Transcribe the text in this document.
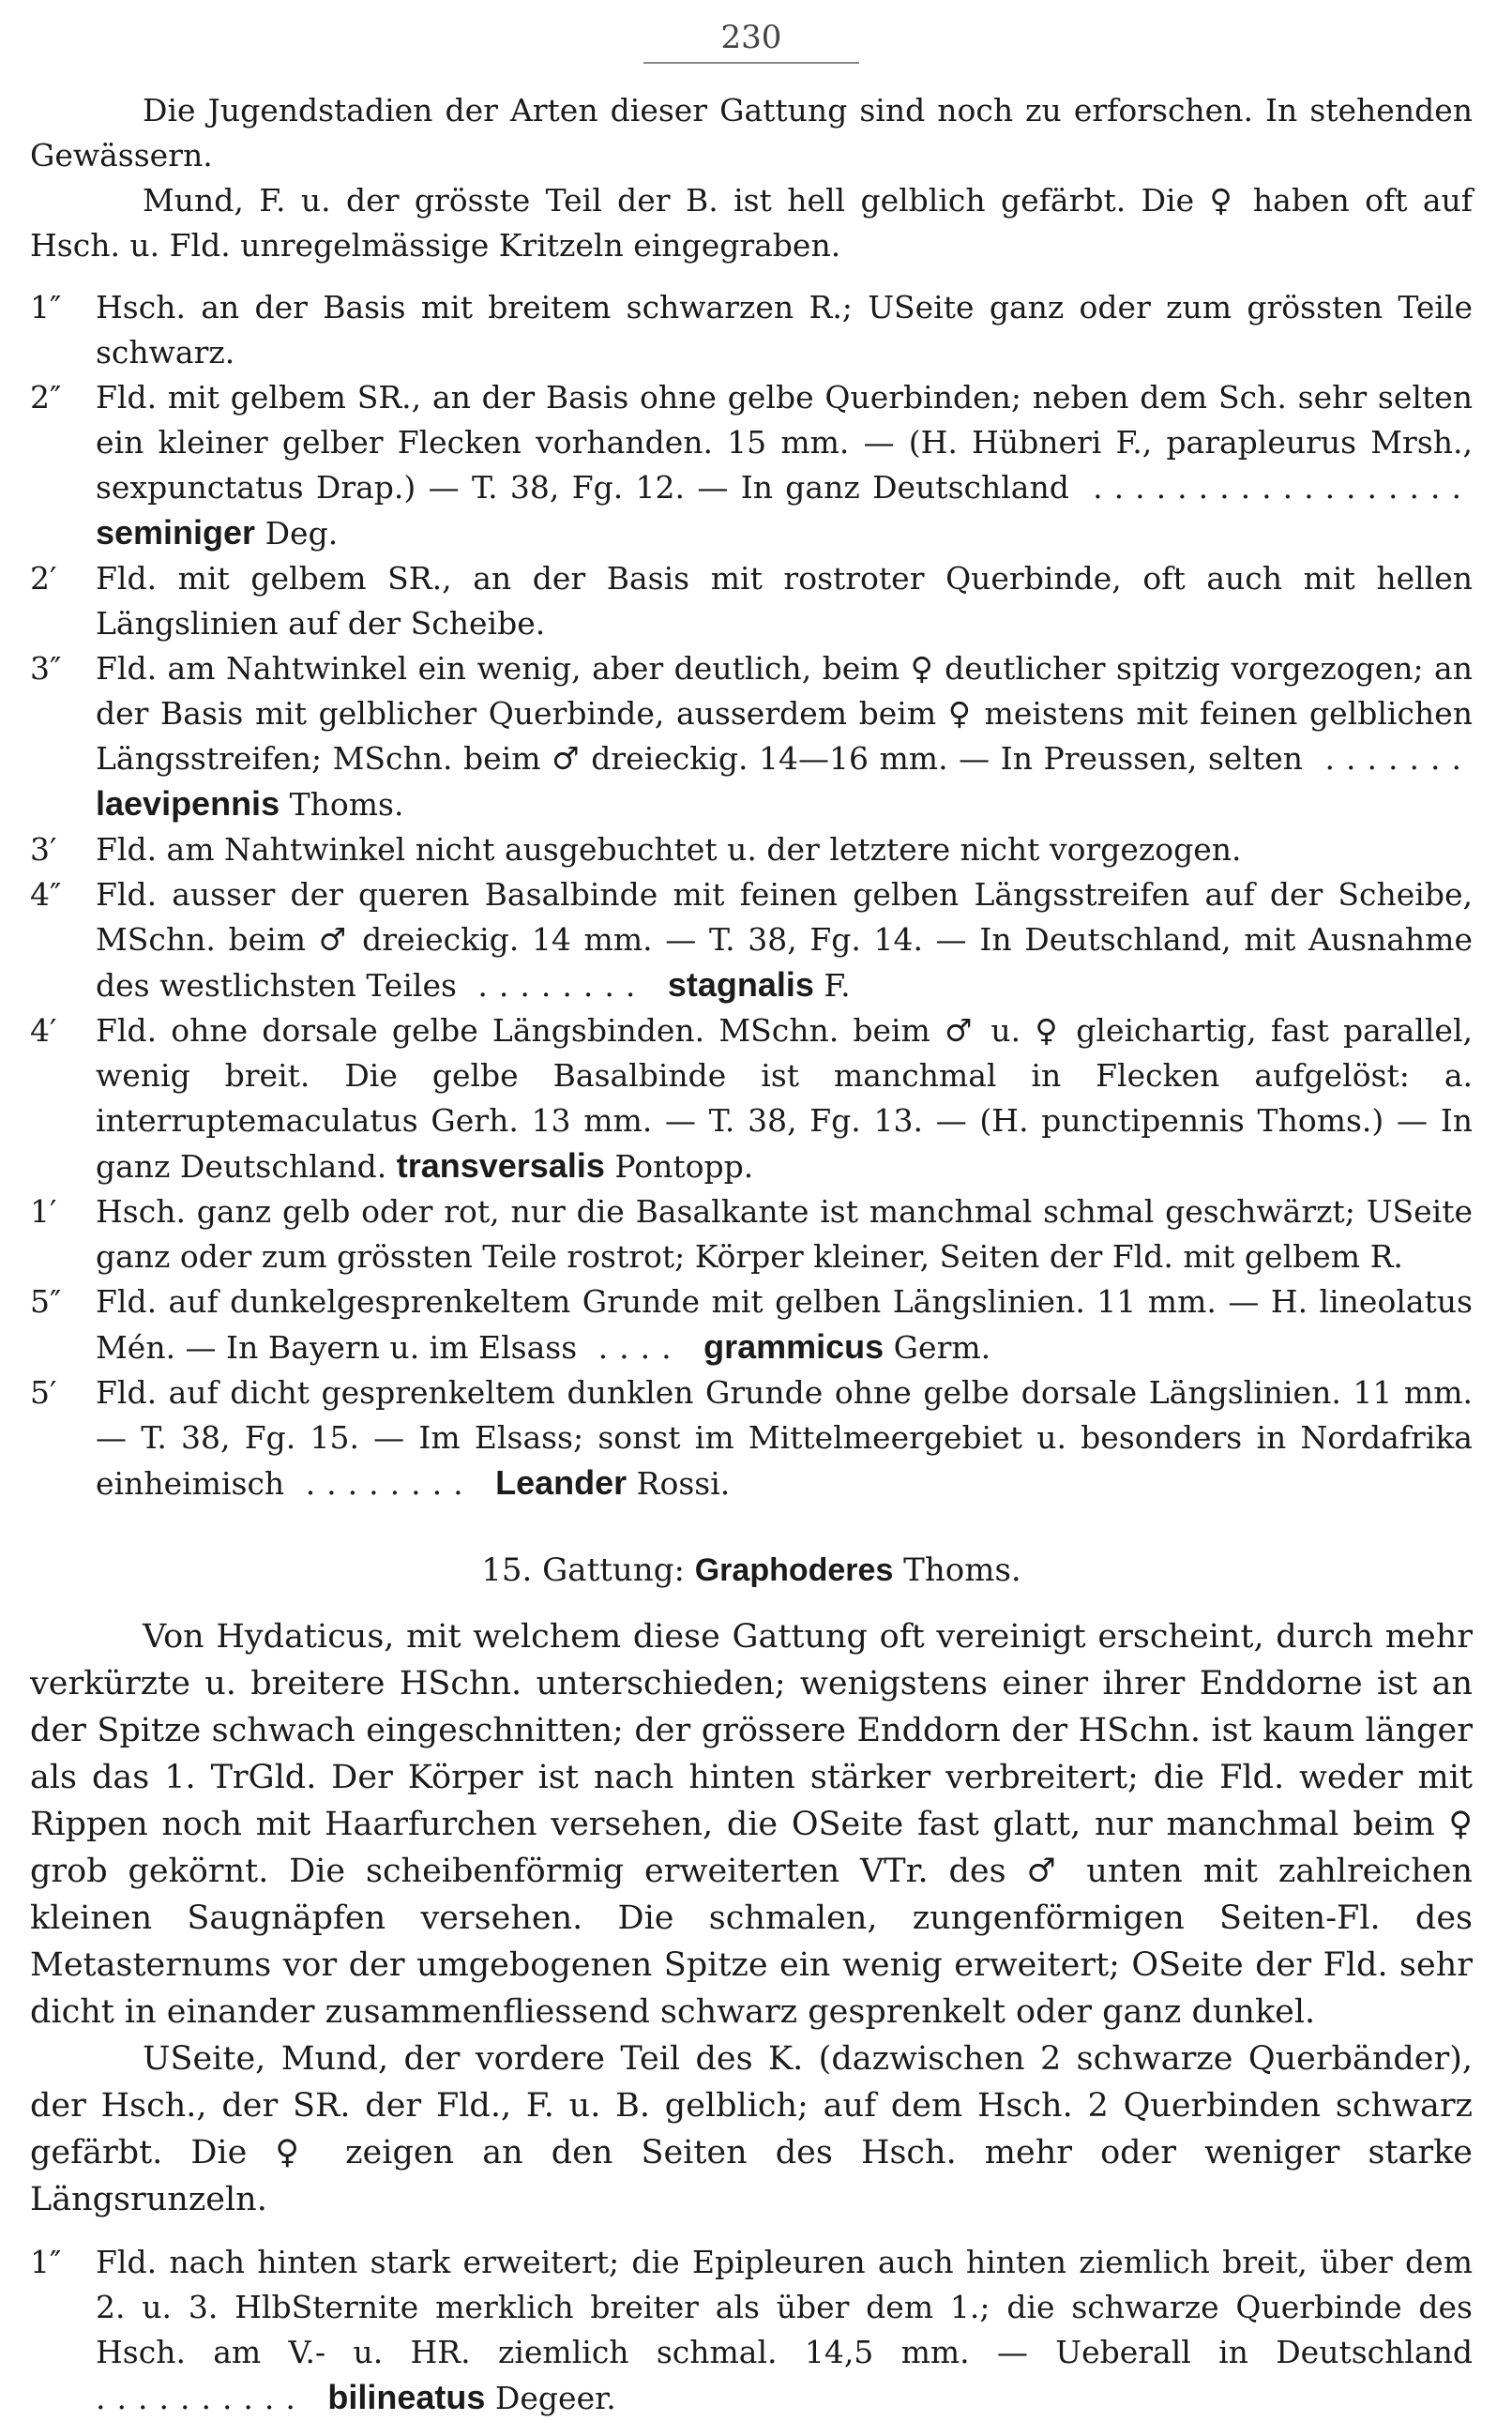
230

Die Jugendstadien der Arten dieser Gattung sind noch zu erforschen. In stehenden Gewässern.

Mund, F. u. der grösste Teil der B. ist hell gelblich gefärbt. Die ♀ haben oft auf Hsch. u. Fld. unregelmässige Kritzeln eingegraben.

1″ Hsch. an der Basis mit breitem schwarzen R.; USeite ganz oder zum grössten Teile schwarz.

2″ Fld. mit gelbem SR., an der Basis ohne gelbe Querbinden; neben dem Sch. sehr selten ein kleiner gelber Flecken vorhanden. 15 mm. — (H. Hübneri F., parapleurus Mrsh., sexpunctatus Drap.) — T. 38, Fg. 12. — In ganz Deutschland .................. seminiger Deg.

2′ Fld. mit gelbem SR., an der Basis mit rostroter Querbinde, oft auch mit hellen Längslinien auf der Scheibe.

3″ Fld. am Nahtwinkel ein wenig, aber deutlich, beim ♀ deutlicher spitzig vorgezogen; an der Basis mit gelblicher Querbinde, ausserdem beim ♀ meistens mit feinen gelblichen Längsstreifen; MSchn. beim ♂ dreieckig. 14—16 mm. — In Preussen, selten ....... laevipennis Thoms.

3′ Fld. am Nahtwinkel nicht ausgebuchtet u. der letztere nicht vorgezogen.

4″ Fld. ausser der queren Basalbinde mit feinen gelben Längsstreifen auf der Scheibe, MSchn. beim ♂ dreieckig. 14 mm. — T. 38, Fg. 14. — In Deutschland, mit Ausnahme des westlichsten Teiles ........ stagnalis F.

4′ Fld. ohne dorsale gelbe Längsbinden. MSchn. beim ♂ u. ♀ gleichartig, fast parallel, wenig breit. Die gelbe Basalbinde ist manchmal in Flecken aufgelöst: a. interruptemaculatus Gerh. 13 mm. — T. 38, Fg. 13. — (H. punctipennis Thoms.) — In ganz Deutschland. transversalis Pontopp.

1′ Hsch. ganz gelb oder rot, nur die Basalkante ist manchmal schmal geschwärzt; USeite ganz oder zum grössten Teile rostrot; Körper kleiner, Seiten der Fld. mit gelbem R.

5″ Fld. auf dunkelgesprenkeltem Grunde mit gelben Längslinien. 11 mm. — H. lineolatus Mén. — In Bayern u. im Elsass .... grammicus Germ.

5′ Fld. auf dicht gesprenkeltem dunklen Grunde ohne gelbe dorsale Längslinien. 11 mm. — T. 38, Fg. 15. — Im Elsass; sonst im Mittelmeergebiet u. besonders in Nordafrika einheimisch ........ Leander Rossi.

15. Gattung: Graphoderes Thoms.

Von Hydaticus, mit welchem diese Gattung oft vereinigt erscheint, durch mehr verkürzte u. breitere HSchn. unterschieden; wenigstens einer ihrer Enddorne ist an der Spitze schwach eingeschnitten; der grössere Enddorn der HSchn. ist kaum länger als das 1. TrGld. Der Körper ist nach hinten stärker verbreitert; die Fld. weder mit Rippen noch mit Haarfurchen versehen, die OSeite fast glatt, nur manchmal beim ♀ grob gekörnt. Die scheibenförmig erweiterten VTr. des ♂ unten mit zahlreichen kleinen Saugnäpfen versehen. Die schmalen, zungenförmigen Seiten-Fl. des Metasternums vor der umgebogenen Spitze ein wenig erweitert; OSeite der Fld. sehr dicht in einander zusammenfliessend schwarz gesprenkelt oder ganz dunkel.

USeite, Mund, der vordere Teil des K. (dazwischen 2 schwarze Querbänder), der Hsch., der SR. der Fld., F. u. B. gelblich; auf dem Hsch. 2 Querbinden schwarz gefärbt. Die ♀ zeigen an den Seiten des Hsch. mehr oder weniger starke Längsrunzeln.

1″ Fld. nach hinten stark erweitert; die Epipleuren auch hinten ziemlich breit, über dem 2. u. 3. HlbSternite merklich breiter als über dem 1.; die schwarze Querbinde des Hsch. am V.- u. HR. ziemlich schmal. 14,5 mm. — Ueberall in Deutschland .......... bilineatus Degeer.
